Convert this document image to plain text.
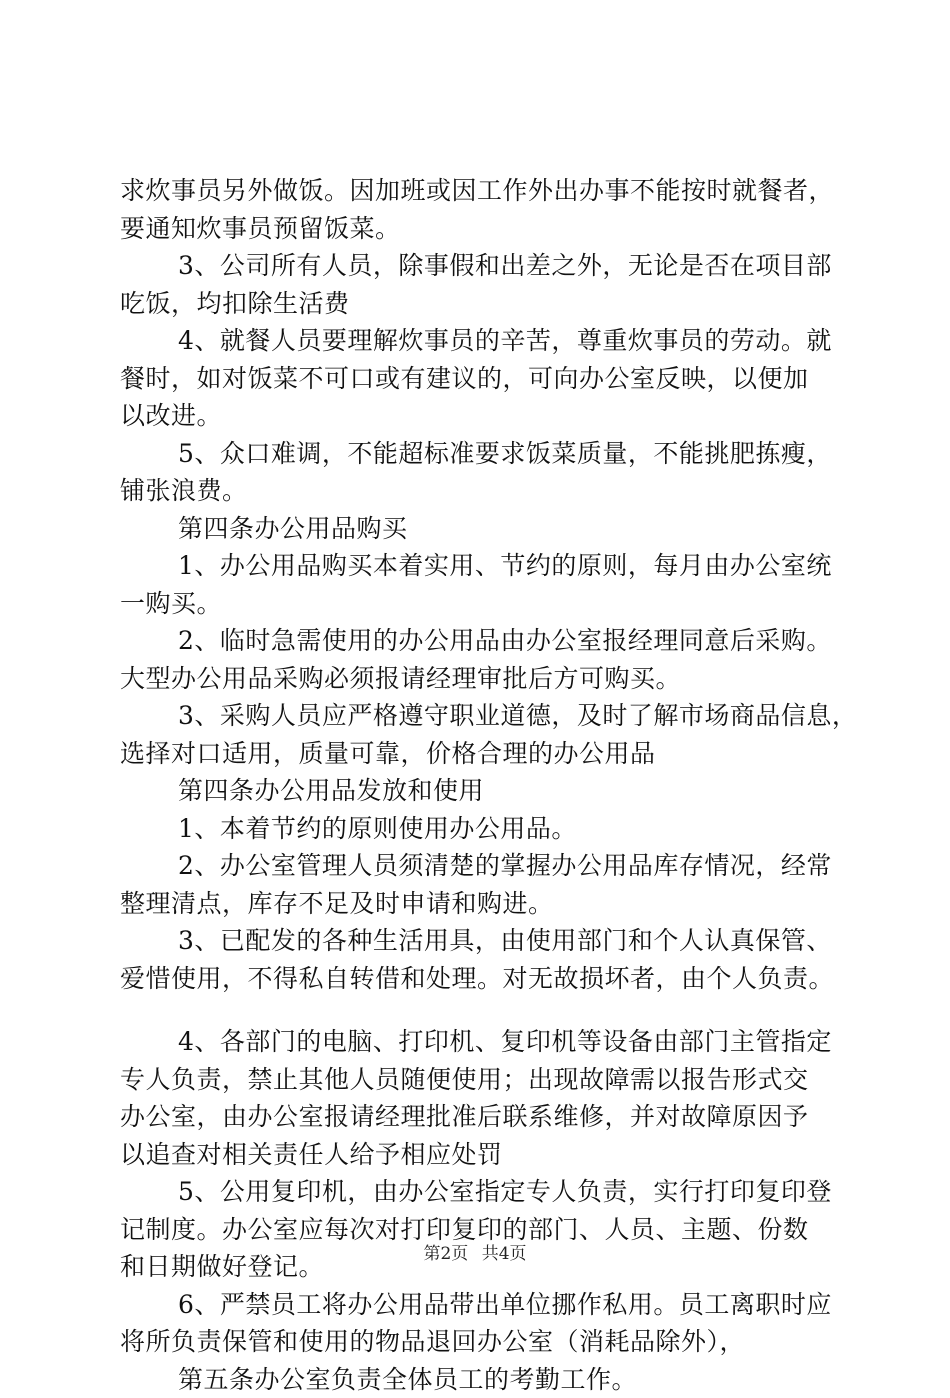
求炊事员另外做饭。因加班或因工作外出办事不能按时就餐者，
要通知炊事员预留饭菜。
3、公司所有人员，除事假和出差之外，无论是否在项目部
吃饭，均扣除生活费
4、就餐人员要理解炊事员的辛苦，尊重炊事员的劳动。就
餐时，如对饭菜不可口或有建议的，可向办公室反映，以便加
以改进。
5、众口难调，不能超标准要求饭菜质量，不能挑肥拣瘦，
铺张浪费。
第四条办公用品购买
1、办公用品购买本着实用、节约的原则，每月由办公室统
一购买。
2、临时急需使用的办公用品由办公室报经理同意后采购。
大型办公用品采购必须报请经理审批后方可购买。
3、采购人员应严格遵守职业道德，及时了解市场商品信息，
选择对口适用，质量可靠，价格合理的办公用品
第四条办公用品发放和使用
1、本着节约的原则使用办公用品。
2、办公室管理人员须清楚的掌握办公用品库存情况，经常
整理清点，库存不足及时申请和购进。
3、已配发的各种生活用具，由使用部门和个人认真保管、
爱惜使用，不得私自转借和处理。对无故损坏者，由个人负责。
4、各部门的电脑、打印机、复印机等设备由部门主管指定
专人负责，禁止其他人员随便使用；出现故障需以报告形式交
办公室，由办公室报请经理批准后联系维修，并对故障原因予
以追查对相关责任人给予相应处罚
5、公用复印机，由办公室指定专人负责，实行打印复印登
记制度。办公室应每次对打印复印的部门、人员、主题、份数
和日期做好登记。
6、严禁员工将办公用品带出单位挪作私用。员工离职时应
将所负责保管和使用的物品退回办公室（消耗品除外），
第五条办公室负责全体员工的考勤工作。
第2页 共4页
